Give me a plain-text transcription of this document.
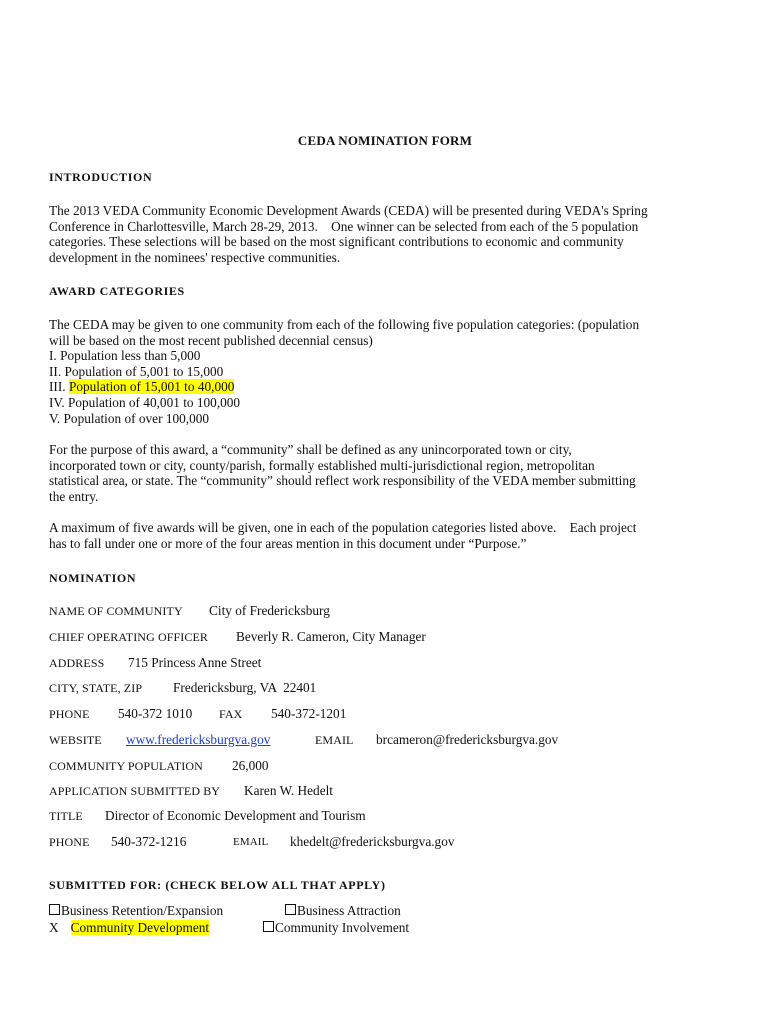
CEDA NOMINATION FORM
INTRODUCTION
The 2013 VEDA Community Economic Development Awards (CEDA) will be presented during VEDA's Spring
Conference in Charlottesville, March 28-29, 2013.    One winner can be selected from each of the 5 population
categories. These selections will be based on the most significant contributions to economic and community
development in the nominees' respective communities.
AWARD CATEGORIES
The CEDA may be given to one community from each of the following five population categories: (population
will be based on the most recent published decennial census)
I. Population less than 5,000
II. Population of 5,001 to 15,000
III. Population of 15,001 to 40,000
IV. Population of 40,001 to 100,000
V. Population of over 100,000
For the purpose of this award, a “community” shall be defined as any unincorporated town or city,
incorporated town or city, county/parish, formally established multi-jurisdictional region, metropolitan
statistical area, or state. The “community” should reflect work responsibility of the VEDA member submitting
the entry.
A maximum of five awards will be given, one in each of the population categories listed above.    Each project
has to fall under one or more of the four areas mention in this document under “Purpose.”
NOMINATION
NAME OF COMMUNITY City of Fredericksburg
CHIEF OPERATING OFFICER Beverly R. Cameron, City Manager
ADDRESS 715 Princess Anne Street
CITY, STATE, ZIP Fredericksburg, VA  22401
PHONE 540-372 1010 FAX 540-372-1201
WEBSITE www.fredericksburgva.gov	EMAIL brcameron@fredericksburgva.gov
COMMUNITY POPULATION 26,000
APPLICATION SUBMITTED BY Karen W. Hedelt
TITLE Director of Economic Development and Tourism
PHONE 540-372-1216	EMAIL khedelt@fredericksburgva.gov
SUBMITTED FOR: (CHECK BELOW ALL THAT APPLY)
Business Retention/Expansion	Business Attraction
X Community Development	Community Involvement
